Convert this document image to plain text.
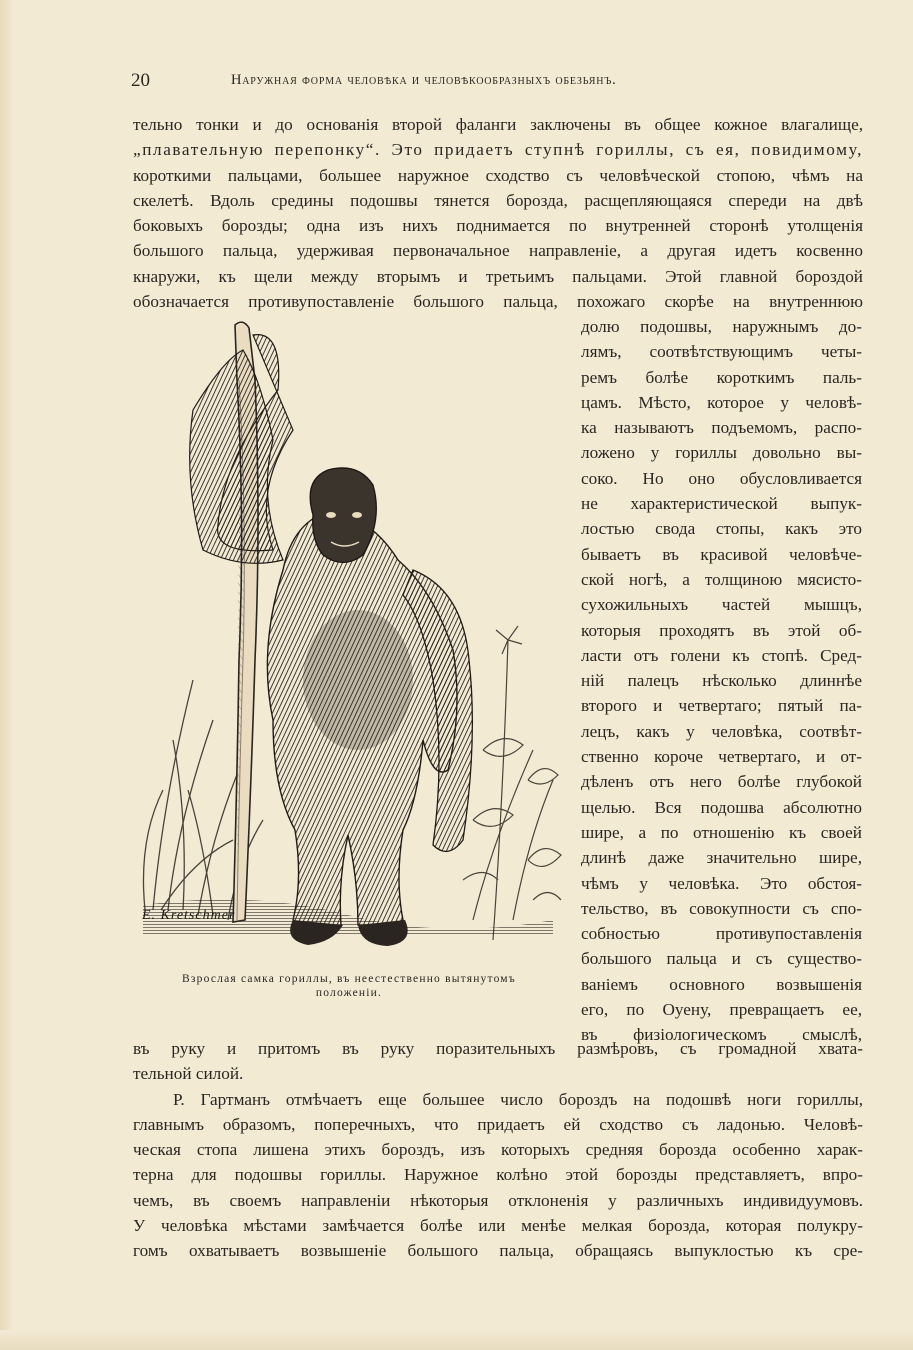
20	Наружная форма человѣка и человѣкообразныхъ обезьянъ.
тельно тонки и до основанія второй фаланги заключены въ общее кожное влагалище,
„плавательную перепонку“. Это придаетъ ступнѣ гориллы, съ ея, повидимому,
короткими пальцами, большее наружное сходство съ человѣческой стопою, чѣмъ на
скелетѣ. Вдоль средины подошвы тянется борозда, расщепляющаяся спереди на двѣ
боковыхъ борозды; одна изъ нихъ поднимается по внутренней сторонѣ утолщенія
большого пальца, удерживая первоначальное направленіе, а другая идетъ косвенно
кнаружи, къ щели между вторымъ и третьимъ пальцами. Этой главной бороздой
обозначается противупоставленіе большого пальца, похожаго скорѣе на внутреннюю
E. Kretschmer
Взрослая самка гориллы, въ неестественно вытянутомъ
положеніи.
долю подошвы, наружнымъ до-
лямъ, соотвѣтствующимъ четы-
ремъ болѣе короткимъ паль-
цамъ. Мѣсто, которое у человѣ-
ка называютъ подъемомъ, распо-
ложено у гориллы довольно вы-
соко. Но оно обусловливается
не характеристической выпук-
лостью свода стопы, какъ это
бываетъ въ красивой человѣче-
ской ногѣ, а толщиною мясисто-
сухожильныхъ частей мышцъ,
которыя проходятъ въ этой об-
ласти отъ голени къ стопѣ. Сред-
ній палецъ нѣсколько длиннѣе
второго и четвертаго; пятый па-
лецъ, какъ у человѣка, соотвѣт-
ственно короче четвертаго, и от-
дѣленъ отъ него болѣе глубокой
щелью. Вся подошва абсолютно
шире, а по отношенію къ своей
длинѣ даже значительно шире,
чѣмъ у человѣка. Это обстоя-
тельство, въ совокупности съ спо-
собностью противупоставленія
большого пальца и съ существо-
ваніемъ основного возвышенія
его, по Оуену, превращаетъ ее,
въ физіологическомъ смыслѣ,
въ руку и притомъ въ руку поразительныхъ размѣровъ, съ громадной хвата-
тельной силой.
Р. Гартманъ отмѣчаетъ еще большее число бороздъ на подошвѣ ноги гориллы,
главнымъ образомъ, поперечныхъ, что придаетъ ей сходство съ ладонью. Человѣ-
ческая стопа лишена этихъ бороздъ, изъ которыхъ средняя борозда особенно харак-
терна для подошвы гориллы. Наружное колѣно этой борозды представляетъ, впро-
чемъ, въ своемъ направленіи нѣкоторыя отклоненія у различныхъ индивидуумовъ.
У человѣка мѣстами замѣчается болѣе или менѣе мелкая борозда, которая полукру-
гомъ охватываетъ возвышеніе большого пальца, обращаясь выпуклостью къ сре-
